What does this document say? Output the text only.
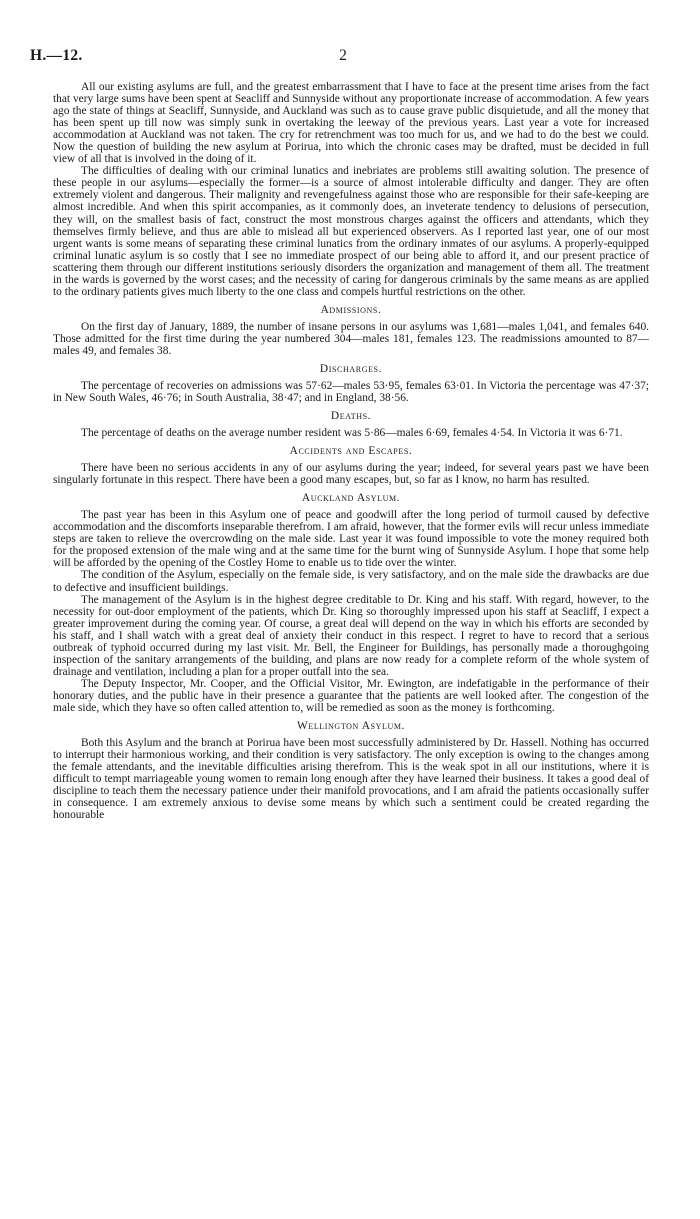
H.—12.	2

All our existing asylums are full, and the greatest embarrassment that I have to face at the present time arises from the fact that very large sums have been spent at Seacliff and Sunnyside without any proportionate increase of accommodation. A few years ago the state of things at Seacliff, Sunnyside, and Auckland was such as to cause grave public disquietude, and all the money that has been spent up till now was simply sunk in overtaking the leeway of the previous years. Last year a vote for increased accommodation at Auckland was not taken. The cry for retrenchment was too much for us, and we had to do the best we could. Now the question of building the new asylum at Porirua, into which the chronic cases may be drafted, must be decided in full view of all that is involved in the doing of it.

The difficulties of dealing with our criminal lunatics and inebriates are problems still awaiting solution. The presence of these people in our asylums—especially the former—is a source of almost intolerable difficulty and danger. They are often extremely violent and dangerous. Their malignity and revengefulness against those who are responsible for their safe-keeping are almost incredible. And when this spirit accompanies, as it commonly does, an inveterate tendency to delusions of persecution, they will, on the smallest basis of fact, construct the most monstrous charges against the officers and attendants, which they themselves firmly believe, and thus are able to mislead all but experienced observers. As I reported last year, one of our most urgent wants is some means of separating these criminal lunatics from the ordinary inmates of our asylums. A properly-equipped criminal lunatic asylum is so costly that I see no immediate prospect of our being able to afford it, and our present practice of scattering them through our different institutions seriously disorders the organization and management of them all. The treatment in the wards is governed by the worst cases; and the necessity of caring for dangerous criminals by the same means as are applied to the ordinary patients gives much liberty to the one class and compels hurtful restrictions on the other.

Admissions.

On the first day of January, 1889, the number of insane persons in our asylums was 1,681—males 1,041, and females 640. Those admitted for the first time during the year numbered 304—males 181, females 123. The readmissions amounted to 87—males 49, and females 38.

Discharges.

The percentage of recoveries on admissions was 57·62—males 53·95, females 63·01. In Victoria the percentage was 47·37; in New South Wales, 46·76; in South Australia, 38·47; and in England, 38·56.

Deaths.

The percentage of deaths on the average number resident was 5·86—males 6·69, females 4·54. In Victoria it was 6·71.

Accidents and Escapes.

There have been no serious accidents in any of our asylums during the year; indeed, for several years past we have been singularly fortunate in this respect. There have been a good many escapes, but, so far as I know, no harm has resulted.

Auckland Asylum.

The past year has been in this Asylum one of peace and goodwill after the long period of turmoil caused by defective accommodation and the discomforts inseparable therefrom. I am afraid, however, that the former evils will recur unless immediate steps are taken to relieve the overcrowding on the male side. Last year it was found impossible to vote the money required both for the proposed extension of the male wing and at the same time for the burnt wing of Sunnyside Asylum. I hope that some help will be afforded by the opening of the Costley Home to enable us to tide over the winter.

The condition of the Asylum, especially on the female side, is very satisfactory, and on the male side the drawbacks are due to defective and insufficient buildings.

The management of the Asylum is in the highest degree creditable to Dr. King and his staff. With regard, however, to the necessity for out-door employment of the patients, which Dr. King so thoroughly impressed upon his staff at Seacliff, I expect a greater improvement during the coming year. Of course, a great deal will depend on the way in which his efforts are seconded by his staff, and I shall watch with a great deal of anxiety their conduct in this respect. I regret to have to record that a serious outbreak of typhoid occurred during my last visit. Mr. Bell, the Engineer for Buildings, has personally made a thoroughgoing inspection of the sanitary arrangements of the building, and plans are now ready for a complete reform of the whole system of drainage and ventilation, including a plan for a proper outfall into the sea.

The Deputy Inspector, Mr. Cooper, and the Official Visitor, Mr. Ewington, are indefatigable in the performance of their honorary duties, and the public have in their presence a guarantee that the patients are well looked after. The congestion of the male side, which they have so often called attention to, will be remedied as soon as the money is forthcoming.

Wellington Asylum.

Both this Asylum and the branch at Porirua have been most successfully administered by Dr. Hassell. Nothing has occurred to interrupt their harmonious working, and their condition is very satisfactory. The only exception is owing to the changes among the female attendants, and the inevitable difficulties arising therefrom. This is the weak spot in all our institutions, where it is difficult to tempt marriageable young women to remain long enough after they have learned their business. It takes a good deal of discipline to teach them the necessary patience under their manifold provocations, and I am afraid the patients occasionally suffer in consequence. I am extremely anxious to devise some means by which such a sentiment could be created regarding the honourable
